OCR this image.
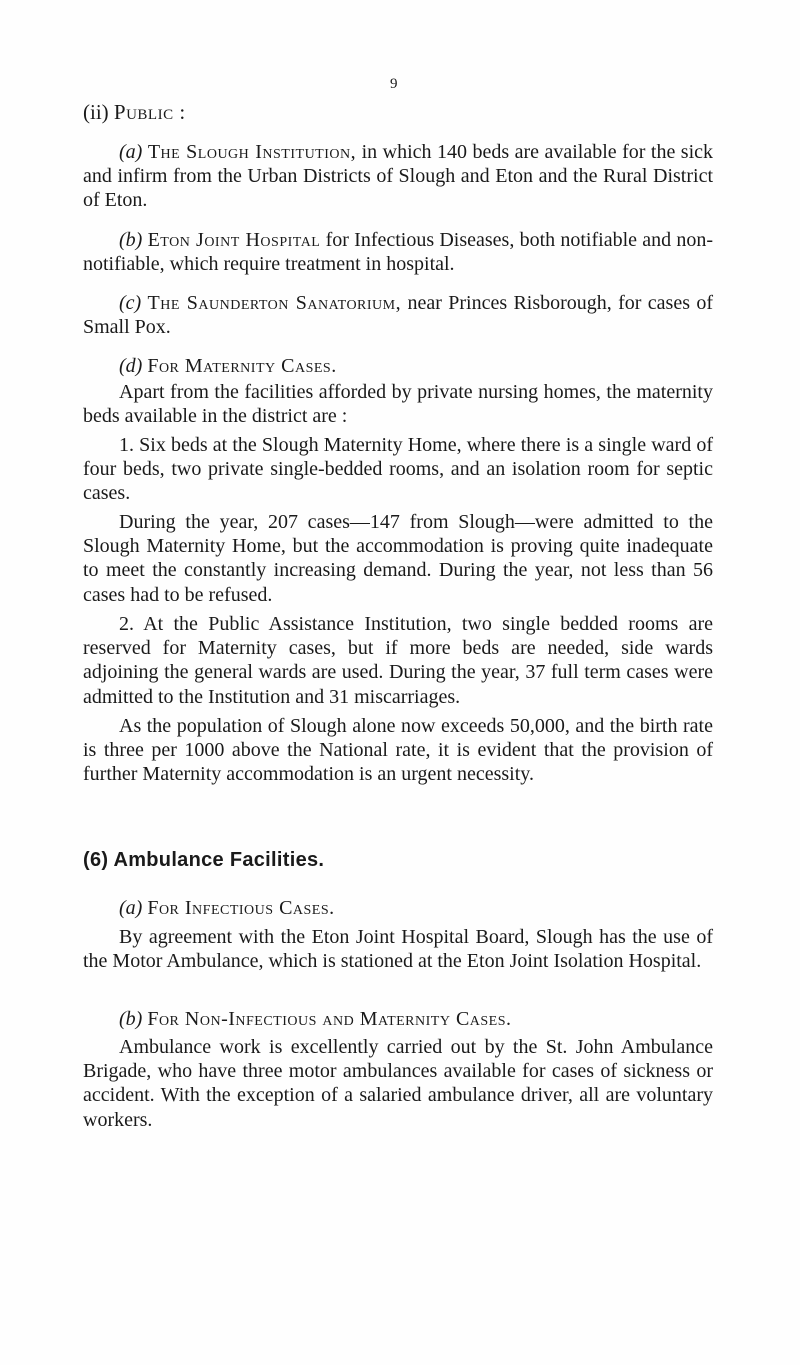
9

(ii) Public :

(a) The Slough Institution, in which 140 beds are available for the sick and infirm from the Urban Districts of Slough and Eton and the Rural District of Eton.

(b) Eton Joint Hospital for Infectious Diseases, both notifiable and non-notifiable, which require treatment in hospital.

(c) The Saunderton Sanatorium, near Princes Risborough, for cases of Small Pox.

(d) For Maternity Cases.

Apart from the facilities afforded by private nursing homes, the maternity beds available in the district are :

1. Six beds at the Slough Maternity Home, where there is a single ward of four beds, two private single-bedded rooms, and an isolation room for septic cases.

During the year, 207 cases—147 from Slough—were admitted to the Slough Maternity Home, but the accommodation is proving quite inadequate to meet the constantly increasing demand. During the year, not less than 56 cases had to be refused.

2. At the Public Assistance Institution, two single bedded rooms are reserved for Maternity cases, but if more beds are needed, side wards adjoining the general wards are used. During the year, 37 full term cases were admitted to the Institution and 31 miscarriages.

As the population of Slough alone now exceeds 50,000, and the birth rate is three per 1000 above the National rate, it is evident that the provision of further Maternity accommodation is an urgent necessity.

(6) Ambulance Facilities.

(a) For Infectious Cases.

By agreement with the Eton Joint Hospital Board, Slough has the use of the Motor Ambulance, which is stationed at the Eton Joint Isolation Hospital.

(b) For Non-Infectious and Maternity Cases.

Ambulance work is excellently carried out by the St. John Ambulance Brigade, who have three motor ambulances available for cases of sickness or accident. With the exception of a salaried ambulance driver, all are voluntary workers.
